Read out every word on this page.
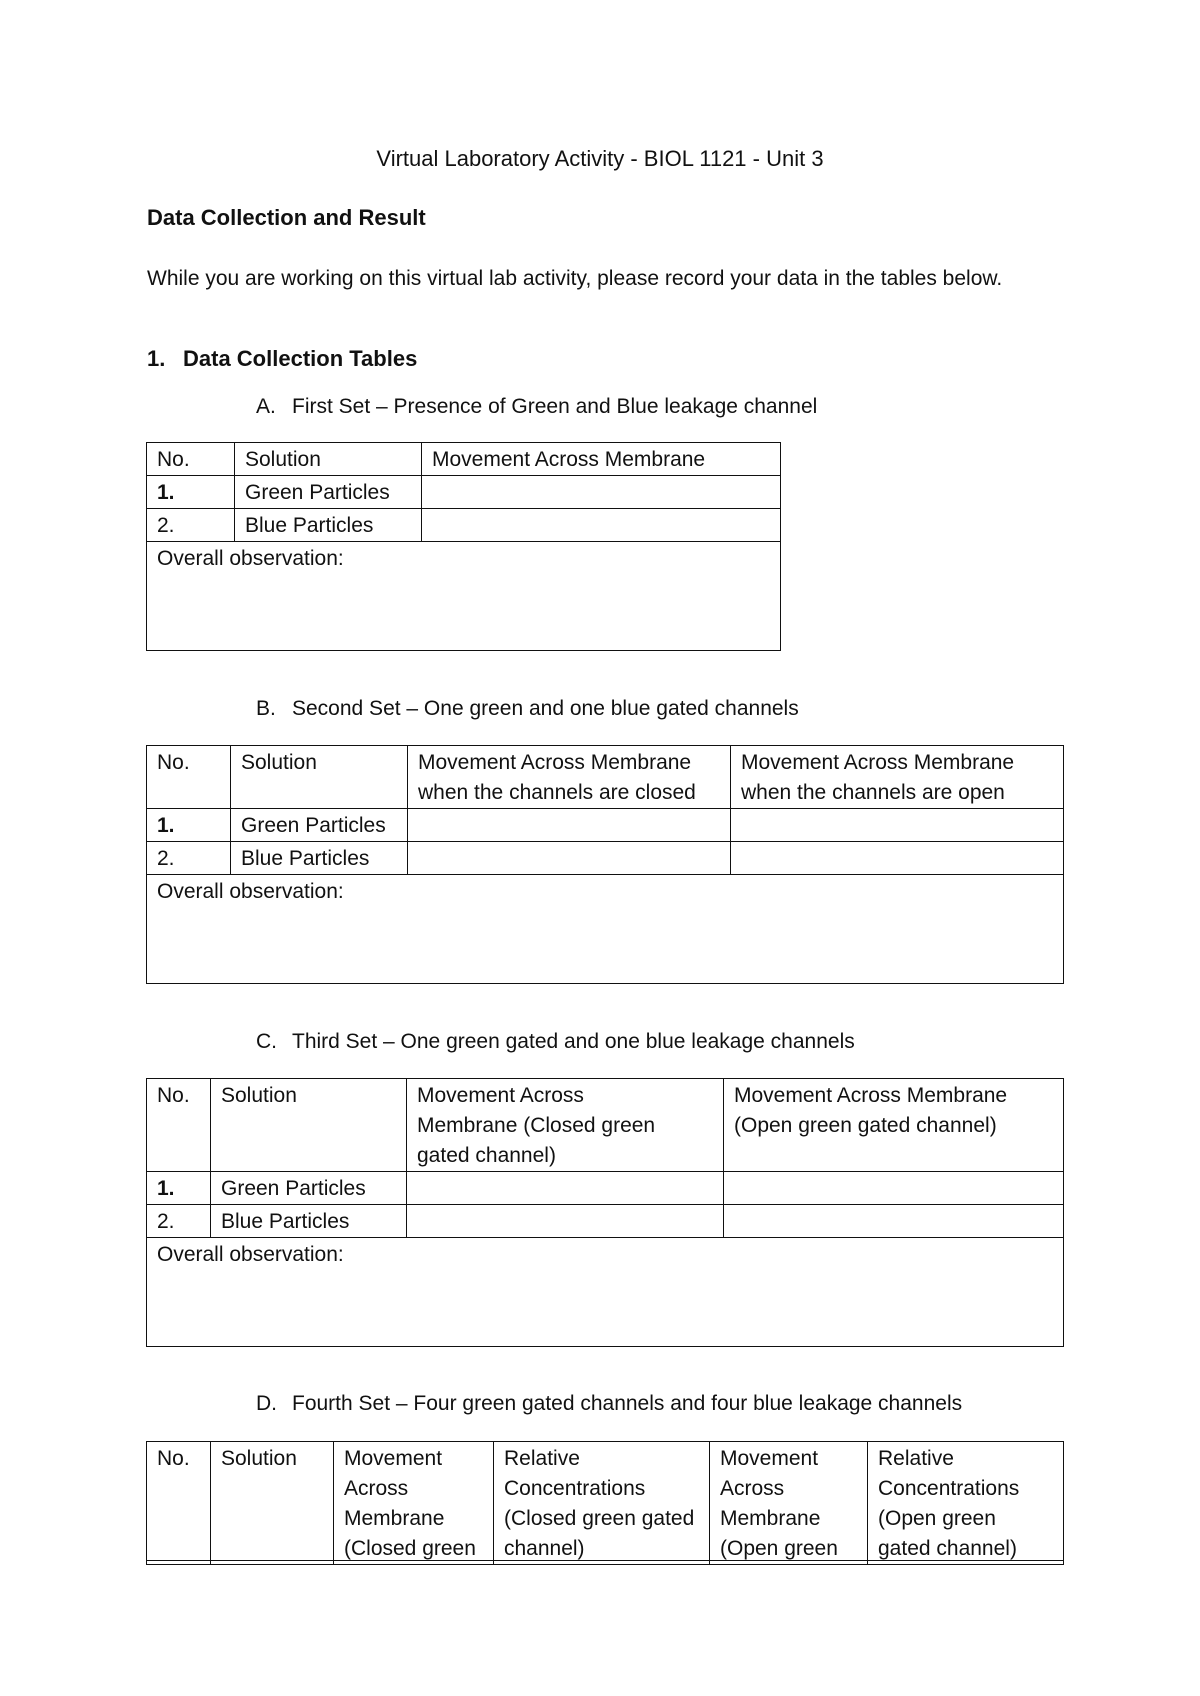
Virtual Laboratory Activity - BIOL 1121 - Unit 3
Data Collection and Result
While you are working on this virtual lab activity, please record your data in the tables below.
1. Data Collection Tables
A. First Set – Presence of Green and Blue leakage channel
No.	Solution	Movement Across Membrane
1.	Green Particles	
2.	Blue Particles	
Overall observation:		
B. Second Set – One green and one blue gated channels
No.	Solution	Movement Across Membrane when the channels are closed	Movement Across Membrane when the channels are open
1.	Green Particles		
2.	Blue Particles		
Overall observation:			
C. Third Set – One green gated and one blue leakage channels
No.	Solution	Movement Across Membrane (Closed green gated channel)	Movement Across Membrane (Open green gated channel)
1.	Green Particles		
2.	Blue Particles		
Overall observation:			
D. Fourth Set – Four green gated channels and four blue leakage channels
No.	Solution	Movement Across Membrane (Closed green	Relative Concentrations (Closed green gated channel)	Movement Across Membrane (Open green	Relative Concentrations (Open green gated channel)
